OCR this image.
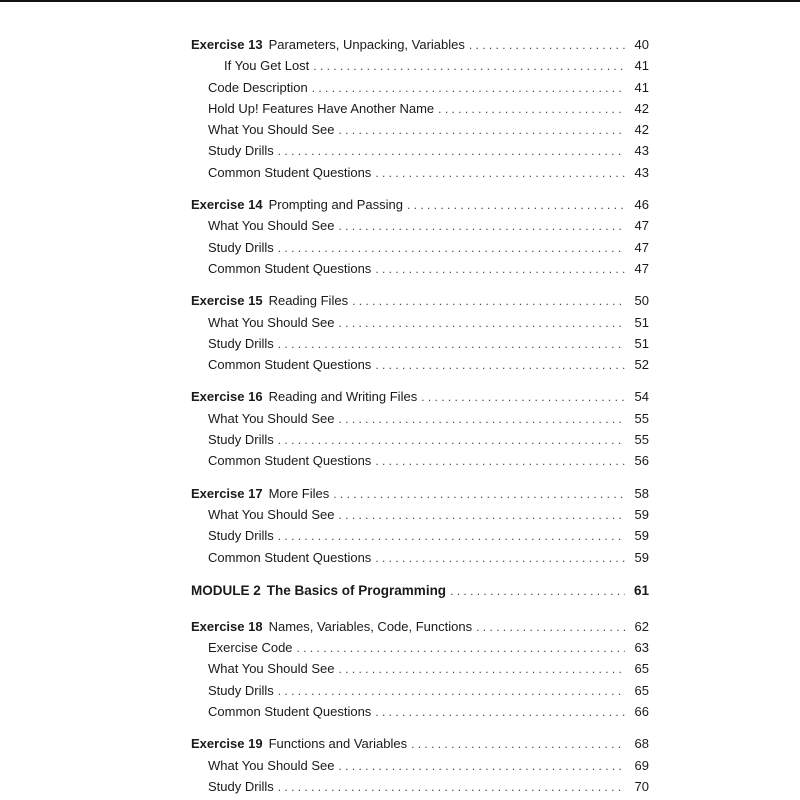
Exercise 13 Parameters, Unpacking, Variables . . .	40
If You Get Lost . . .	41
Code Description . . .	41
Hold Up! Features Have Another Name . . .	42
What You Should See . . .	42
Study Drills . . .	43
Common Student Questions . . .	43
Exercise 14 Prompting and Passing . . .	46
What You Should See . . .	47
Study Drills . . .	47
Common Student Questions . . .	47
Exercise 15 Reading Files . . .	50
What You Should See . . .	51
Study Drills . . .	51
Common Student Questions . . .	52
Exercise 16 Reading and Writing Files . . .	54
What You Should See . . .	55
Study Drills . . .	55
Common Student Questions . . .	56
Exercise 17 More Files . . .	58
What You Should See . . .	59
Study Drills . . .	59
Common Student Questions . . .	59
MODULE 2 The Basics of Programming . . .	61
Exercise 18 Names, Variables, Code, Functions . . .	62
Exercise Code . . .	63
What You Should See . . .	65
Study Drills . . .	65
Common Student Questions . . .	66
Exercise 19 Functions and Variables . . .	68
What You Should See . . .	69
Study Drills . . .	70
